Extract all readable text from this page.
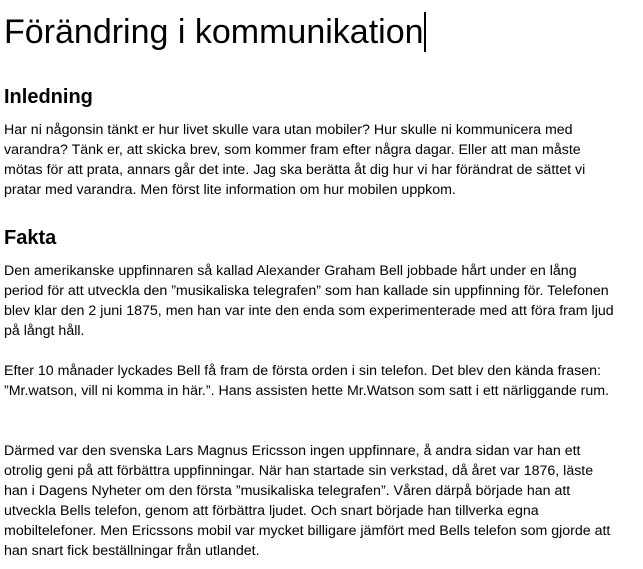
Förändring i kommunikation
Inledning

Har ni någonsin tänkt er hur livet skulle vara utan mobiler? Hur skulle ni kommunicera med varandra? Tänk er, att skicka brev, som kommer fram efter några dagar. Eller att man måste mötas för att prata, annars går det inte. Jag ska berätta åt dig hur vi har förändrat de sättet vi pratar med varandra. Men först lite information om hur mobilen uppkom.

Fakta

Den amerikanske uppfinnaren så kallad Alexander Graham Bell jobbade hårt under en lång period för att utveckla den ”musikaliska telegrafen” som han kallade sin uppfinning för. Telefonen blev klar den 2 juni 1875, men han var inte den enda som experimenterade med att föra fram ljud på långt håll.

Efter 10 månader lyckades Bell få fram de första orden i sin telefon. Det blev den kända frasen: ”Mr.watson, vill ni komma in här.”. Hans assisten hette Mr.Watson som satt i ett närliggande rum.

Därmed var den svenska Lars Magnus Ericsson ingen uppfinnare, å andra sidan var han ett otrolig geni på att förbättra uppfinningar. När han startade sin verkstad, då året var 1876, läste han i Dagens Nyheter om den första ”musikaliska telegrafen”. Våren därpå började han att utveckla Bells telefon, genom att förbättra ljudet. Och snart började han tillverka egna mobiltelefoner. Men Ericssons mobil var mycket billigare jämfört med Bells telefon som gjorde att han snart fick beställningar från utlandet.
